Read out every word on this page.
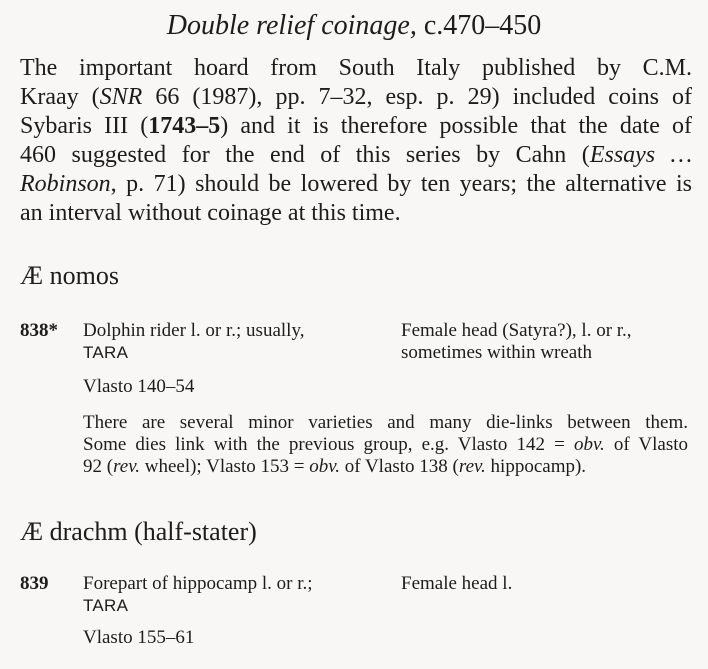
Double relief coinage, c.470–450
The important hoard from South Italy published by C.M.
Kraay (SNR 66 (1987), pp. 7–32, esp. p. 29) included coins of
Sybaris III (1743–5) and it is therefore possible that the date of
460 suggested for the end of this series by Cahn (Essays …
Robinson, p. 71) should be lowered by ten years; the alternative is
an interval without coinage at this time.
Æ nomos
838* Dolphin rider l. or r.; usually,
TARA
Female head (Satyra?), l. or r.,
sometimes within wreath
Vlasto 140–54
There are several minor varieties and many die-links between them.
Some dies link with the previous group, e.g. Vlasto 142 = obv. of Vlasto
92 (rev. wheel); Vlasto 153 = obv. of Vlasto 138 (rev. hippocamp).
Æ drachm (half-stater)
839 Forepart of hippocamp l. or r.;
TARA
Female head l.
Vlasto 155–61
